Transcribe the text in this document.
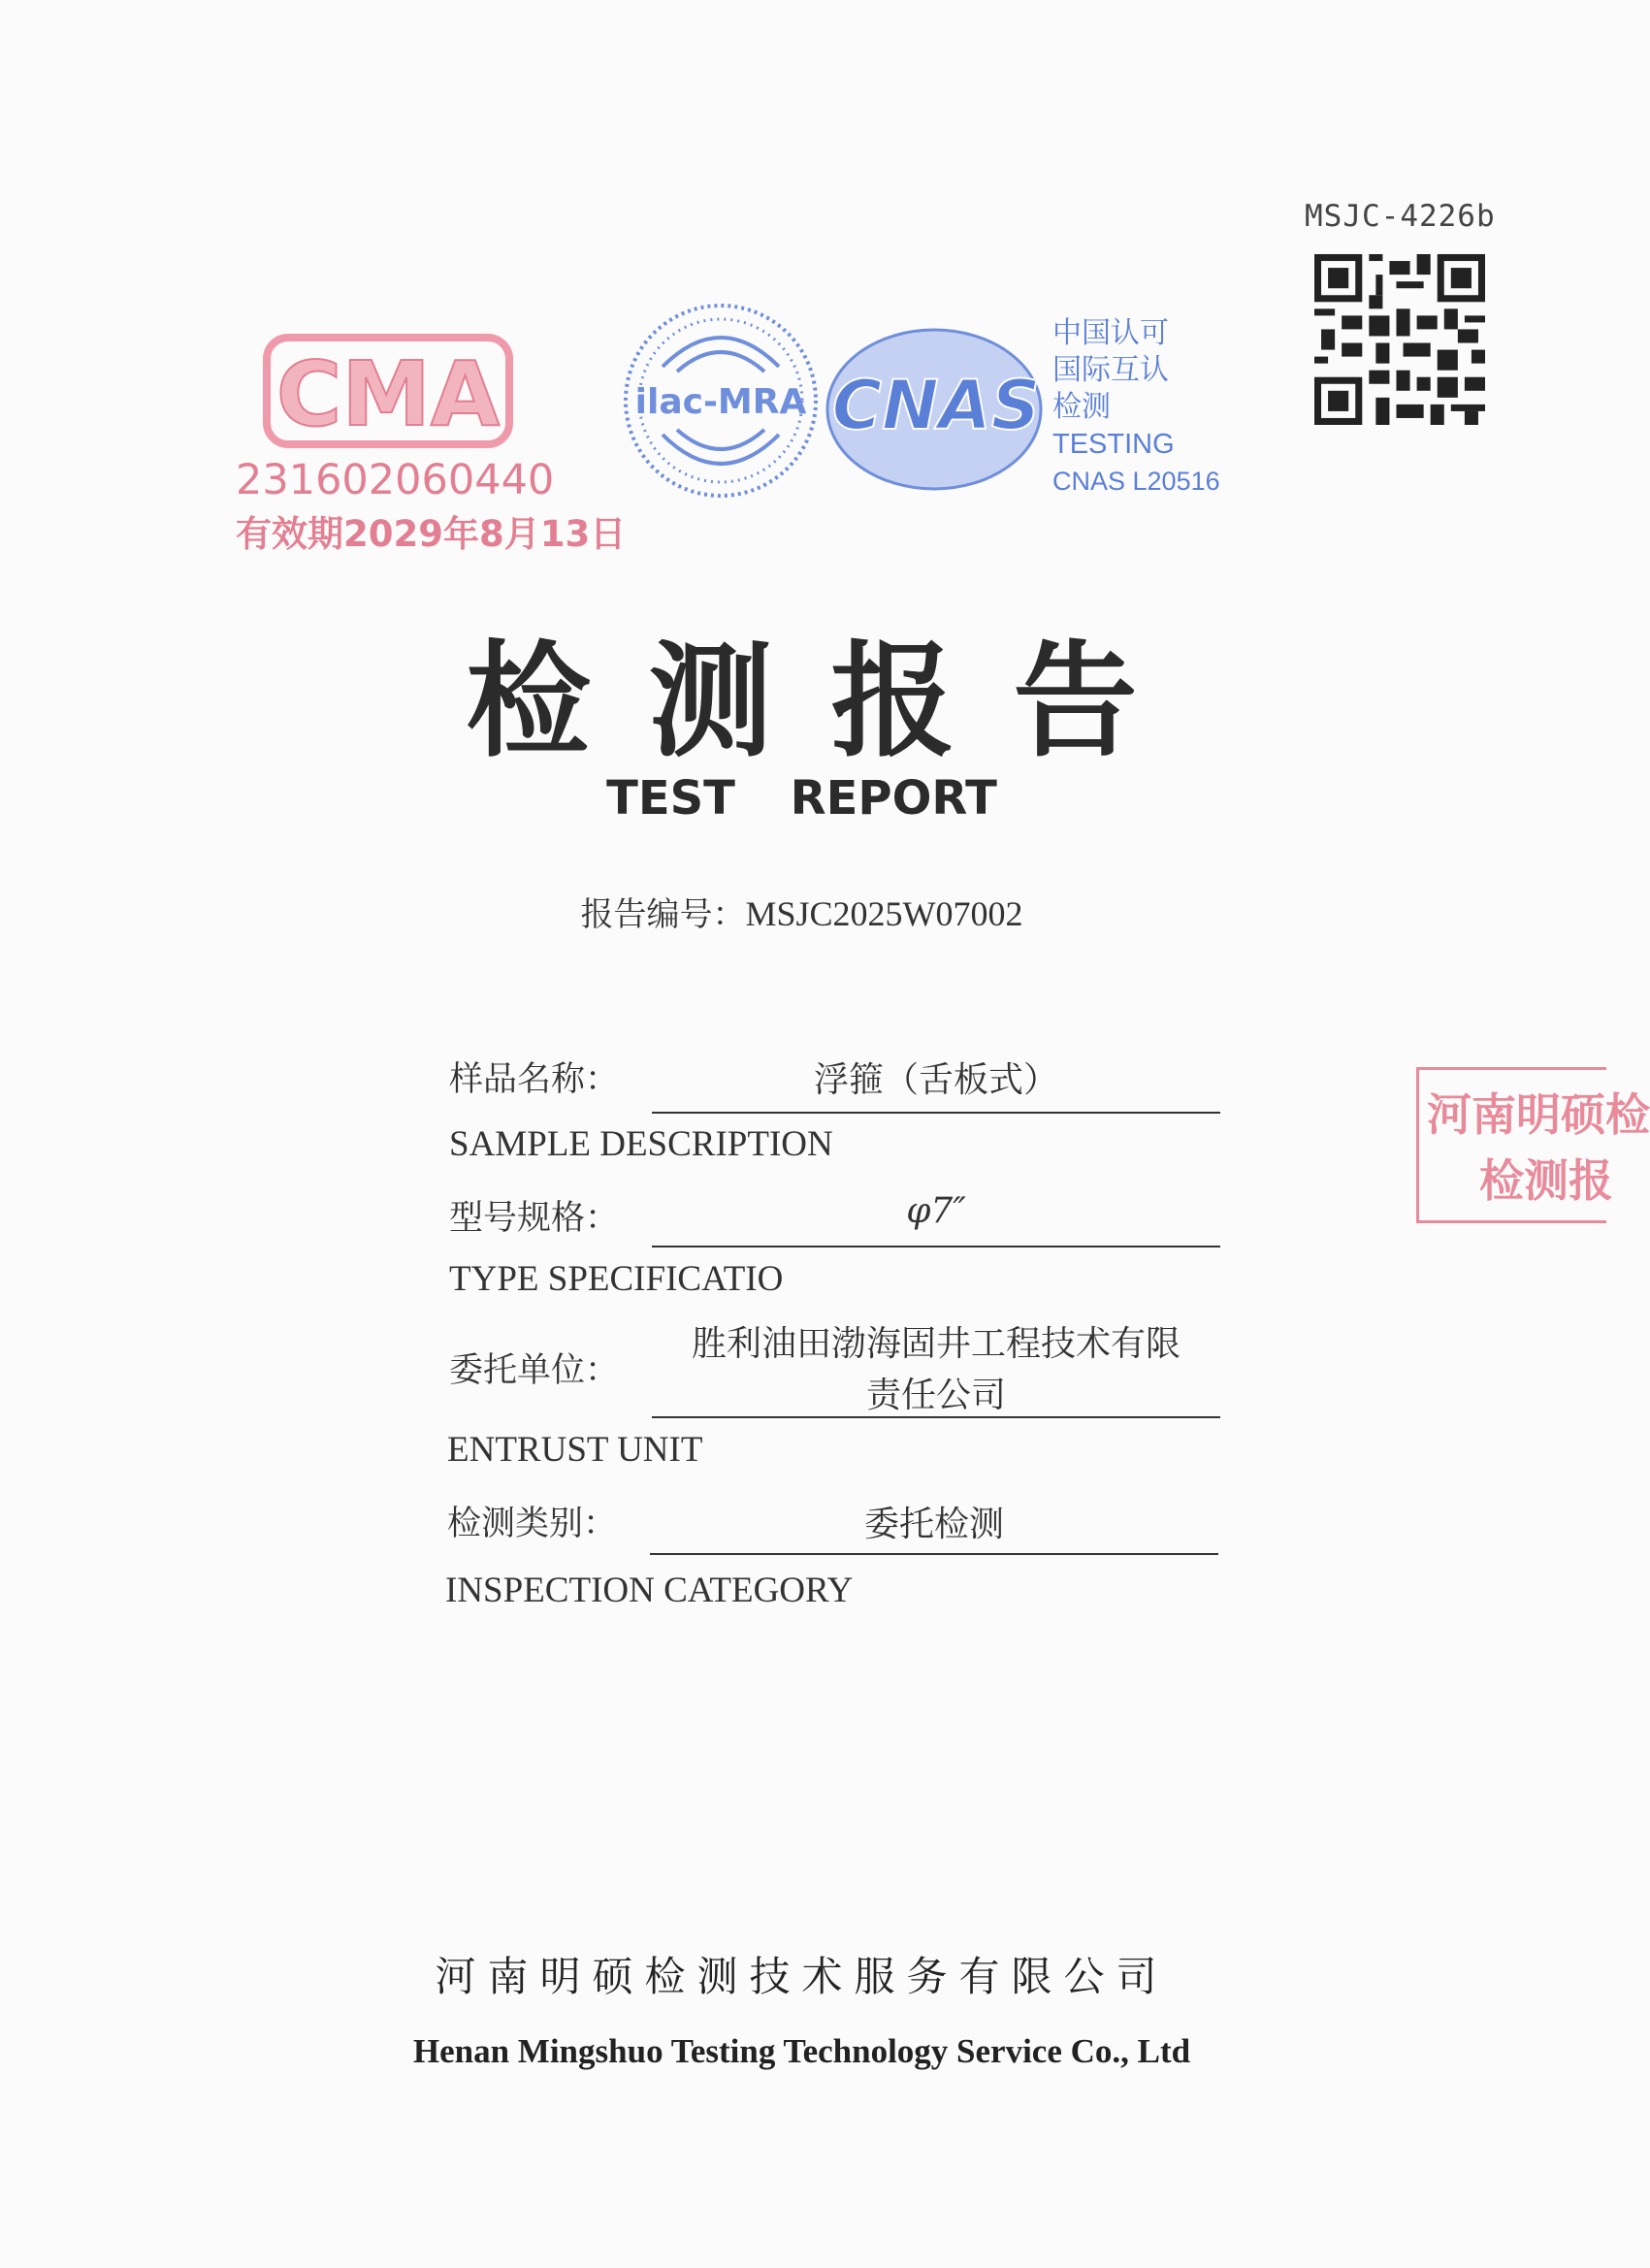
MSJC-4226b
CMA
231602060440
有效期2029年8月13日
ilac-MRA CNAS
中国认可
国际互认
检测
TESTING
CNAS L20516
检测报告
TEST REPORT
报告编号：MSJC2025W07002
样品名称：	浮箍（舌板式）
SAMPLE DESCRIPTION
型号规格：	φ7″
TYPE SPECIFICATIO
委托单位：
胜利油田渤海固井工程技术有限
责任公司
ENTRUST UNIT
检测类别：	委托检测
INSPECTION CATEGORY
河南明硕检
检测报
河南明硕检测技术服务有限公司
Henan Mingshuo Testing Technology Service Co., Ltd
